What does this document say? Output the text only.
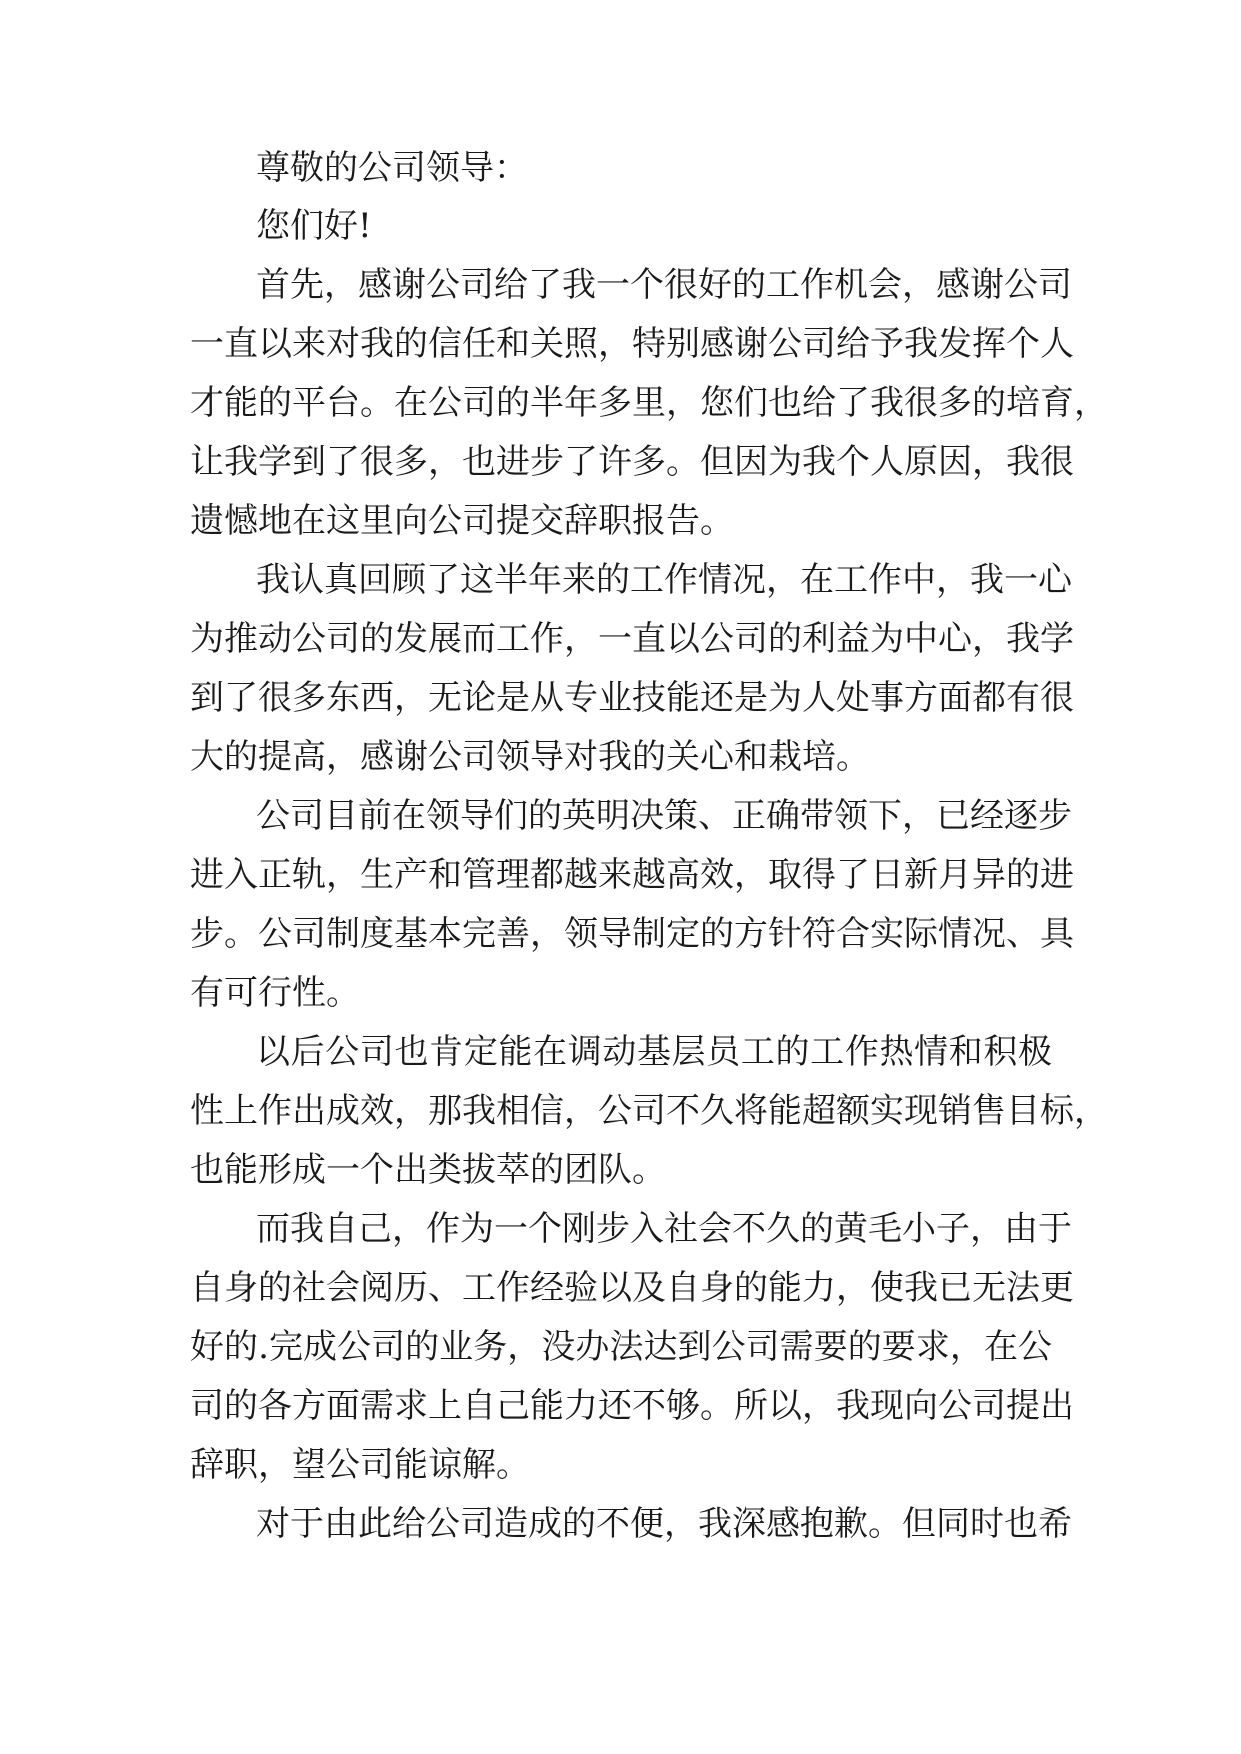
尊敬的公司领导：
您们好!
首先，感谢公司给了我一个很好的工作机会，感谢公司
一直以来对我的信任和关照，特别感谢公司给予我发挥个人
才能的平台。在公司的半年多里，您们也给了我很多的培育，
让我学到了很多，也进步了许多。但因为我个人原因，我很
遗憾地在这里向公司提交辞职报告。
我认真回顾了这半年来的工作情况，在工作中，我一心
为推动公司的发展而工作，一直以公司的利益为中心，我学
到了很多东西，无论是从专业技能还是为人处事方面都有很
大的提高，感谢公司领导对我的关心和栽培。
公司目前在领导们的英明决策、正确带领下，已经逐步
进入正轨，生产和管理都越来越高效，取得了日新月异的进
步。公司制度基本完善，领导制定的方针符合实际情况、具
有可行性。
以后公司也肯定能在调动基层员工的工作热情和积极
性上作出成效，那我相信，公司不久将能超额实现销售目标，
也能形成一个出类拔萃的团队。
而我自己，作为一个刚步入社会不久的黄毛小子，由于
自身的社会阅历、工作经验以及自身的能力，使我已无法更
好的.完成公司的业务，没办法达到公司需要的要求，在公
司的各方面需求上自己能力还不够。所以，我现向公司提出
辞职，望公司能谅解。
对于由此给公司造成的不便，我深感抱歉。但同时也希
